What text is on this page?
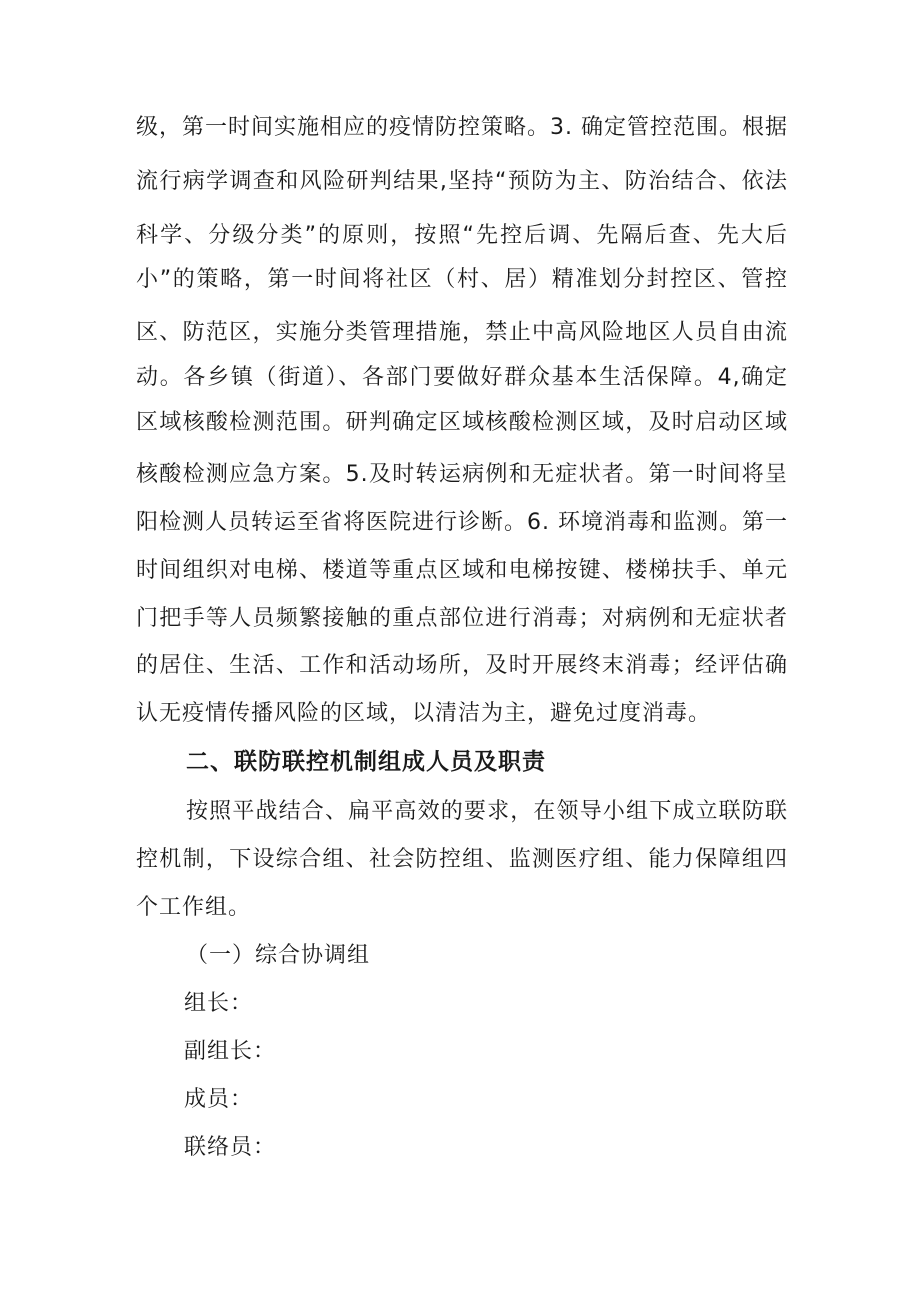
级，第一时间实施相应的疫情防控策略。3. 确定管控范围。根据
流行病学调查和风险研判结果,坚持“预防为主、防治结合、依法
科学、分级分类”的原则，按照“先控后调、先隔后查、先大后
小”的策略，第一时间将社区（村、居）精准划分封控区、管控
区、防范区，实施分类管理措施，禁止中高风险地区人员自由流
动。各乡镇（街道）、各部门要做好群众基本生活保障。4,确定
区域核酸检测范围。研判确定区域核酸检测区域，及时启动区域
核酸检测应急方案。5.及时转运病例和无症状者。第一时间将呈
阳检测人员转运至省将医院进行诊断。6. 环境消毒和监测。第一
时间组织对电梯、楼道等重点区域和电梯按键、楼梯扶手、单元
门把手等人员频繁接触的重点部位进行消毒；对病例和无症状者
的居住、生活、工作和活动场所，及时开展终末消毒；经评估确
认无疫情传播风险的区域，以清洁为主，避免过度消毒。
二、联防联控机制组成人员及职责
按照平战结合、扁平高效的要求，在领导小组下成立联防联
控机制，下设综合组、社会防控组、监测医疗组、能力保障组四
个工作组。
（一）综合协调组
组长：
副组长：
成员：
联络员：
